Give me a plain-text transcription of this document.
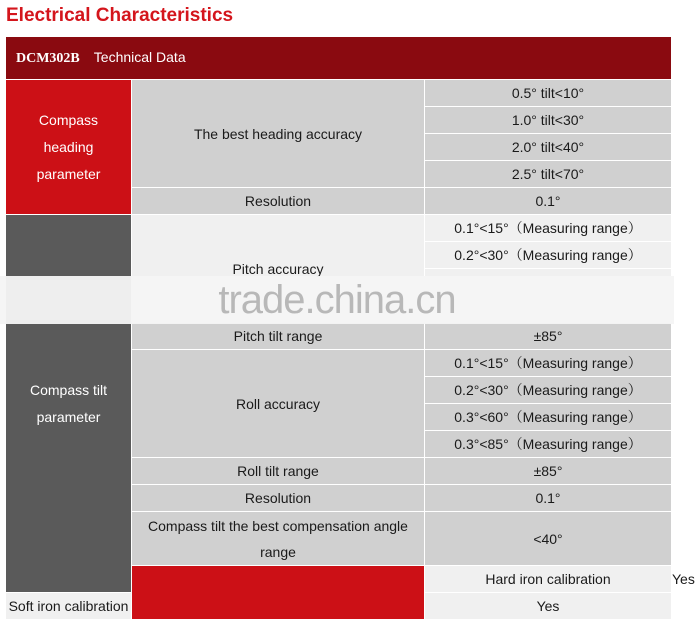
Electrical Characteristics
DCM302B Technical Data			
Compass
heading
parameter	The best heading accuracy	0.5° tilt<10°	
		1.0° tilt<30°	
		2.0° tilt<40°	
		2.5° tilt<70°	
	Resolution	0.1°	
Compass tilt
parameter	Pitch accuracy	0.1°<15°（Measuring range）	
		0.2°<30°（Measuring range）	

	Pitch tilt range	±85°	
	Roll accuracy	0.1°<15°（Measuring range）	
		0.2°<30°（Measuring range）	
		0.3°<60°（Measuring range）	
		0.3°<85°（Measuring range）	
	Roll tilt range	±85°	
	Resolution	0.1°	
	Compass tilt the best compensation angle
range	<40°	

		Hard iron calibration	Yes
Soft iron calibration		Yes	
trade.china.cn
